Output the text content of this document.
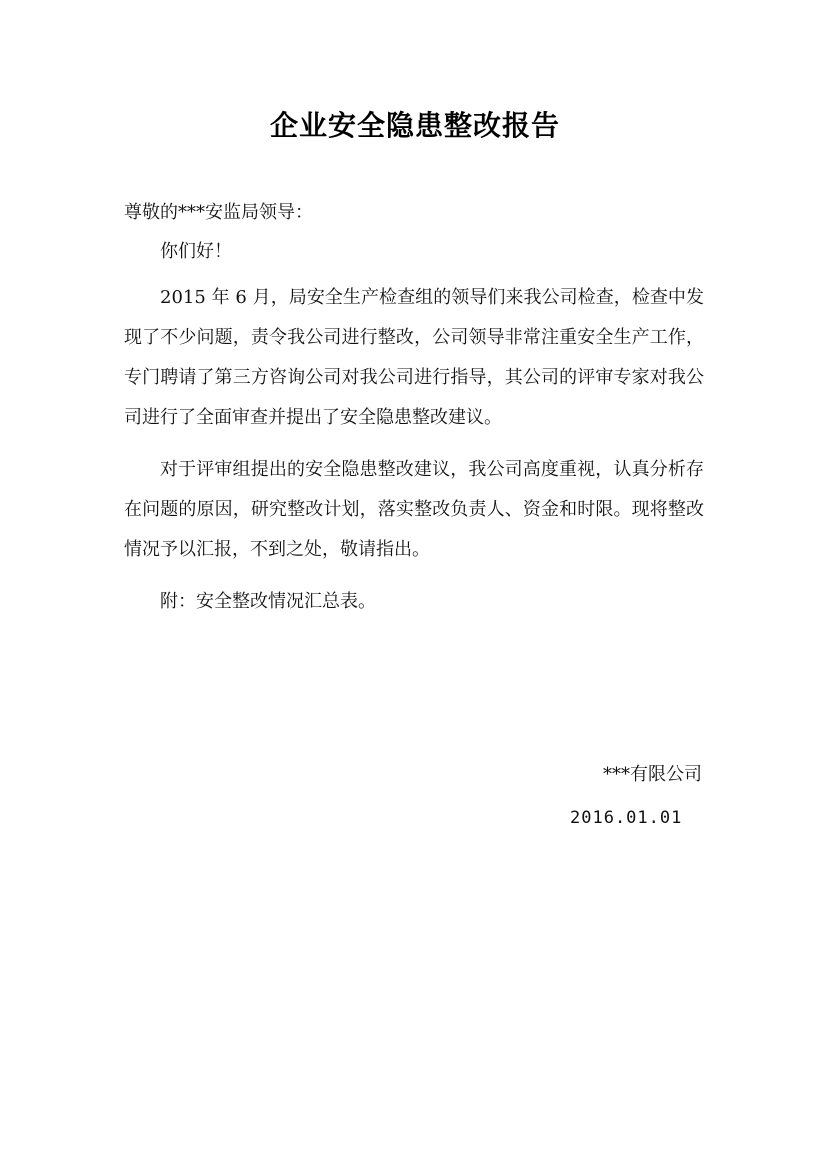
企业安全隐患整改报告
尊敬的***安监局领导：

你们好！

2015 年 6 月，局安全生产检查组的领导们来我公司检查，检查中发现了不少问题，责令我公司进行整改，公司领导非常注重安全生产工作，专门聘请了第三方咨询公司对我公司进行指导，其公司的评审专家对我公司进行了全面审查并提出了安全隐患整改建议。

对于评审组提出的安全隐患整改建议，我公司高度重视，认真分析存在问题的原因，研究整改计划，落实整改负责人、资金和时限。现将整改情况予以汇报，不到之处，敬请指出。

附：安全整改情况汇总表。

***有限公司
2016.01.01
